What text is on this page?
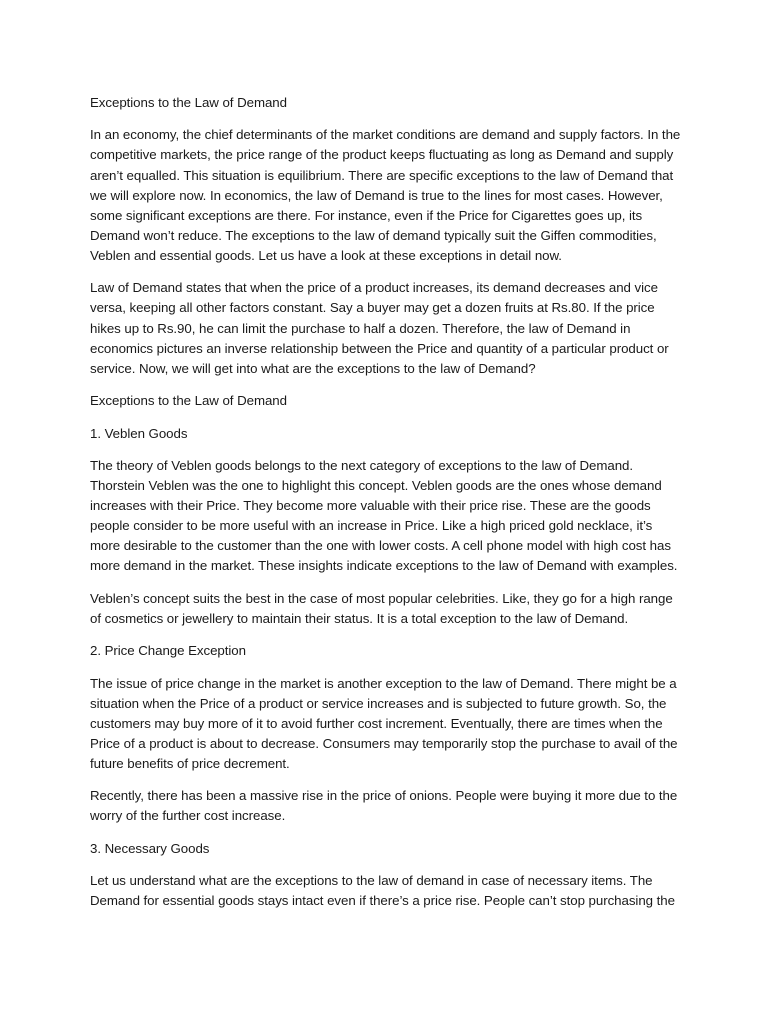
Exceptions to the Law of Demand

In an economy, the chief determinants of the market conditions are demand and supply factors. In the competitive markets, the price range of the product keeps fluctuating as long as Demand and supply aren’t equalled. This situation is equilibrium. There are specific exceptions to the law of Demand that we will explore now. In economics, the law of Demand is true to the lines for most cases. However, some significant exceptions are there. For instance, even if the Price for Cigarettes goes up, its Demand won’t reduce. The exceptions to the law of demand typically suit the Giffen commodities, Veblen and essential goods. Let us have a look at these exceptions in detail now.

Law of Demand states that when the price of a product increases, its demand decreases and vice versa, keeping all other factors constant. Say a buyer may get a dozen fruits at Rs.80. If the price hikes up to Rs.90, he can limit the purchase to half a dozen. Therefore, the law of Demand in economics pictures an inverse relationship between the Price and quantity of a particular product or service. Now, we will get into what are the exceptions to the law of Demand?

Exceptions to the Law of Demand

1. Veblen Goods

The theory of Veblen goods belongs to the next category of exceptions to the law of Demand. Thorstein Veblen was the one to highlight this concept. Veblen goods are the ones whose demand increases with their Price. They become more valuable with their price rise. These are the goods people consider to be more useful with an increase in Price. Like a high priced gold necklace, it’s more desirable to the customer than the one with lower costs. A cell phone model with high cost has more demand in the market. These insights indicate exceptions to the law of Demand with examples.

Veblen’s concept suits the best in the case of most popular celebrities. Like, they go for a high range of cosmetics or jewellery to maintain their status. It is a total exception to the law of Demand.

2. Price Change Exception

The issue of price change in the market is another exception to the law of Demand. There might be a situation when the Price of a product or service increases and is subjected to future growth. So, the customers may buy more of it to avoid further cost increment. Eventually, there are times when the Price of a product is about to decrease. Consumers may temporarily stop the purchase to avail of the future benefits of price decrement.

Recently, there has been a massive rise in the price of onions. People were buying it more due to the worry of the further cost increase.

3. Necessary Goods

Let us understand what are the exceptions to the law of demand in case of necessary items. The Demand for essential goods stays intact even if there’s a price rise. People can’t stop purchasing the
